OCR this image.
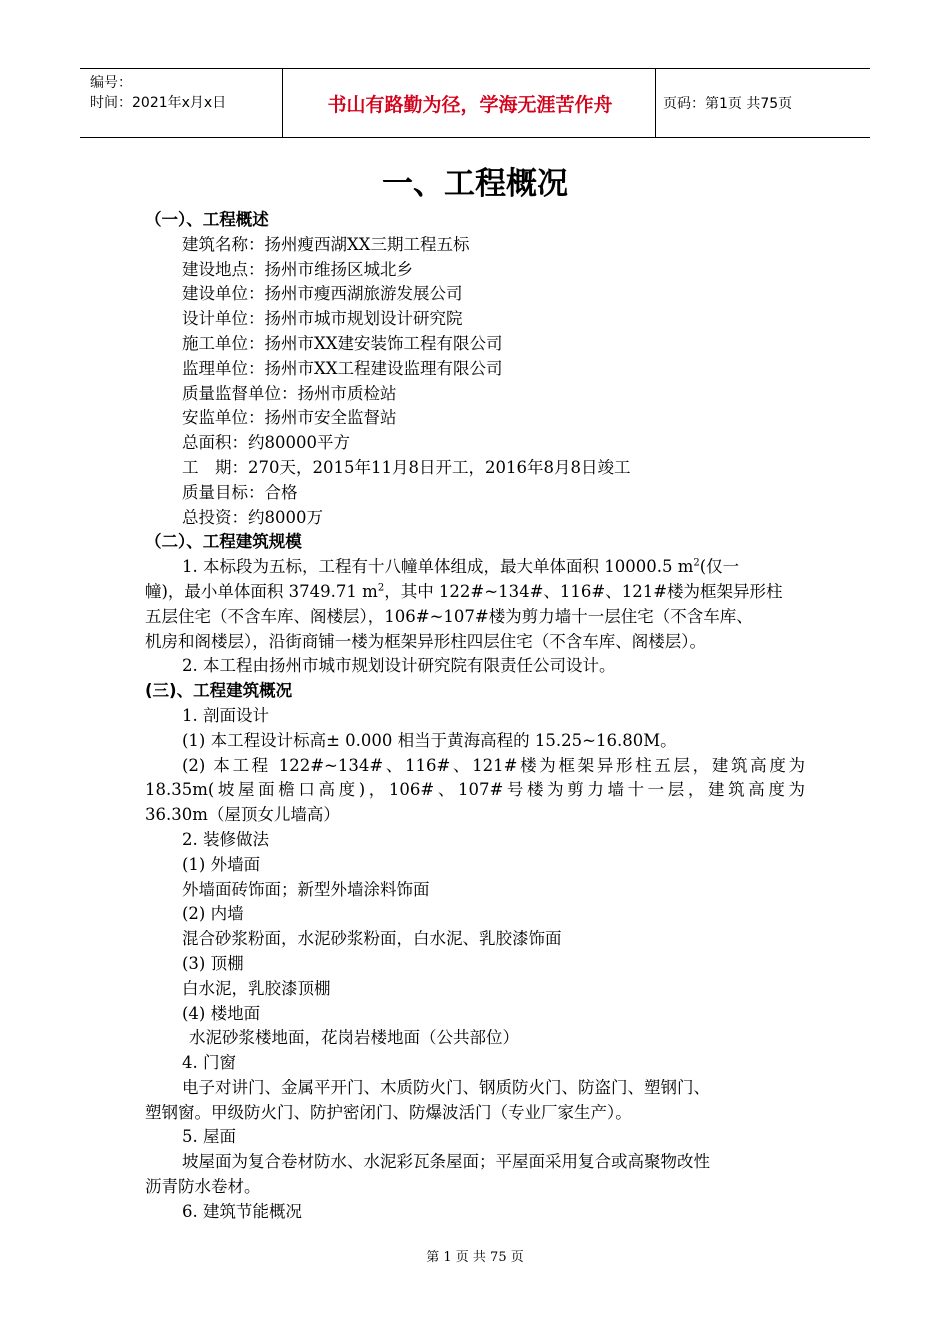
编号：
时间：2021年x月x日	书山有路勤为径，学海无涯苦作舟	页码：第1页 共75页
一、工程概况
（一）、工程概述
建筑名称：扬州瘦西湖XX三期工程五标
建设地点：扬州市维扬区城北乡
建设单位：扬州市瘦西湖旅游发展公司
设计单位：扬州市城市规划设计研究院
施工单位：扬州市XX建安装饰工程有限公司
监理单位：扬州市XX工程建设监理有限公司
质量监督单位：扬州市质检站
安监单位：扬州市安全监督站
总面积：约80000平方
工　期：270天，2015年11月8日开工，2016年8月8日竣工
质量目标：合格
总投资：约8000万
（二）、工程建筑规模
1. 本标段为五标，工程有十八幢单体组成，最大单体面积 10000.5 $m^2$(仅一
幢)，最小单体面积 3749.71 $m^2$，其中 122#~134#、116#、121#楼为框架异形柱
五层住宅（不含车库、阁楼层），106#~107#楼为剪力墙十一层住宅（不含车库、
机房和阁楼层），沿街商铺一楼为框架异形柱四层住宅（不含车库、阁楼层）。
2. 本工程由扬州市城市规划设计研究院有限责任公司设计。
(三)、工程建筑概况
1. 剖面设计
(1) 本工程设计标高± 0.000 相当于黄海高程的 15.25~16.80M。
(2) 本工程 122#~134#、116#、121#楼为框架异形柱五层，建筑高度为
18.35m(坡屋面檐口高度)，106#、107#号楼为剪力墙十一层，建筑高度为
36.30m（屋顶女儿墙高）
2. 装修做法
(1) 外墙面
外墙面砖饰面；新型外墙涂料饰面
(2) 内墙
混合砂浆粉面，水泥砂浆粉面，白水泥、乳胶漆饰面
(3) 顶棚
白水泥，乳胶漆顶棚
(4) 楼地面
水泥砂浆楼地面，花岗岩楼地面（公共部位）
4. 门窗
电子对讲门、金属平开门、木质防火门、钢质防火门、防盗门、塑钢门、
塑钢窗。甲级防火门、防护密闭门、防爆波活门（专业厂家生产）。
5. 屋面
坡屋面为复合卷材防水、水泥彩瓦条屋面；平屋面采用复合或高聚物改性
沥青防水卷材。
6. 建筑节能概况
第 1 页 共 75 页
